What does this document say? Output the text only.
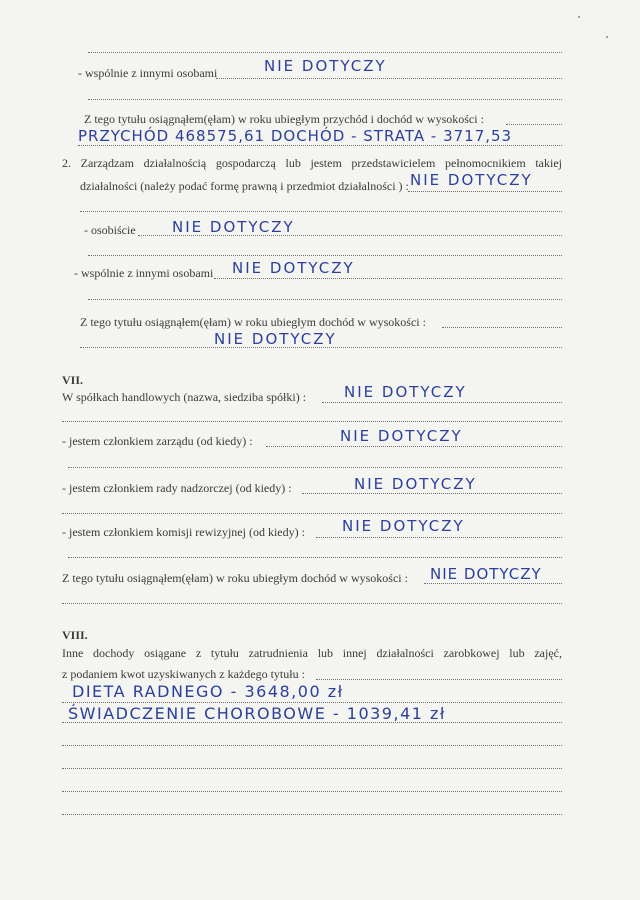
- wspólnie z innymi osobami	NIE DOTYCZY
Z tego tytułu osiągnąłem(ęłam) w roku ubiegłym przychód i dochód w wysokości :
PRZYCHÓD 468575,61 DOCHÓD - STRATA - 3717,53
2. Zarządzam działalnością gospodarczą lub jestem przedstawicielem pełnomocnikiem takiej
działalności (należy podać formę prawną i przedmiot działalności ) : NIE DOTYCZY
- osobiście NIE DOTYCZY
- wspólnie z innymi osobami NIE DOTYCZY
Z tego tytułu osiągnąłem(ęłam) w roku ubiegłym dochód w wysokości :
NIE DOTYCZY
VII.
W spółkach handlowych (nazwa, siedziba spółki) :	NIE DOTYCZY
- jestem członkiem zarządu (od kiedy) :	NIE DOTYCZY
- jestem członkiem rady nadzorczej (od kiedy) :	NIE DOTYCZY
- jestem członkiem komisji rewizyjnej (od kiedy) : NIE DOTYCZY
Z tego tytułu osiągnąłem(ęłam) w roku ubiegłym dochód w wysokości : NIE DOTYCZY
VIII.
Inne dochody osiągane z tytułu zatrudnienia lub innej działalności zarobkowej lub zajęć,
z podaniem kwot uzyskiwanych z każdego tytułu :
DIETA RADNEGO - 3648,00 zł
ŚWIADCZENIE CHOROBOWE - 1039,41 zł
